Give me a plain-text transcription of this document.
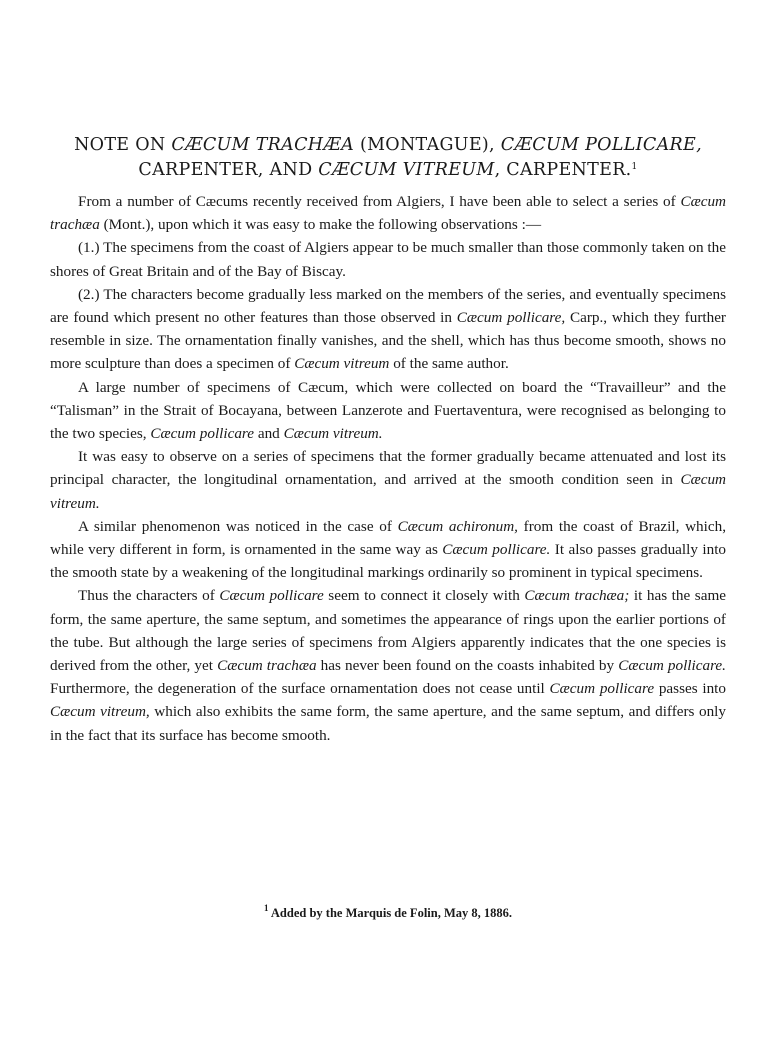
NOTE ON CÆCUM TRACHÆA (MONTAGUE), CÆCUM POLLICARE,
CARPENTER, AND CÆCUM VITREUM, CARPENTER.$^1$

From a number of Cæcums recently received from Algiers, I have been able to select a series of Cæcum trachæa (Mont.), upon which it was easy to make the following observations :—

(1.) The specimens from the coast of Algiers appear to be much smaller than those commonly taken on the shores of Great Britain and of the Bay of Biscay.

(2.) The characters become gradually less marked on the members of the series, and eventually specimens are found which present no other features than those observed in Cæcum pollicare, Carp., which they further resemble in size. The ornamentation finally vanishes, and the shell, which has thus become smooth, shows no more sculpture than does a specimen of Cæcum vitreum of the same author.

A large number of specimens of Cæcum, which were collected on board the “Travailleur” and the “Talisman” in the Strait of Bocayana, between Lanzerote and Fuertaventura, were recognised as belonging to the two species, Cæcum pollicare and Cæcum vitreum.

It was easy to observe on a series of specimens that the former gradually became attenuated and lost its principal character, the longitudinal ornamentation, and arrived at the smooth condition seen in Cæcum vitreum.

A similar phenomenon was noticed in the case of Cæcum achironum, from the coast of Brazil, which, while very different in form, is ornamented in the same way as Cæcum pollicare. It also passes gradually into the smooth state by a weakening of the longitudinal markings ordinarily so prominent in typical specimens.

Thus the characters of Cæcum pollicare seem to connect it closely with Cæcum trachæa; it has the same form, the same aperture, the same septum, and sometimes the appearance of rings upon the earlier portions of the tube. But although the large series of specimens from Algiers apparently indicates that the one species is derived from the other, yet Cæcum trachæa has never been found on the coasts inhabited by Cæcum pollicare. Furthermore, the degeneration of the surface ornamentation does not cease until Cæcum pollicare passes into Cæcum vitreum, which also exhibits the same form, the same aperture, and the same septum, and differs only in the fact that its surface has become smooth.

$^1$ Added by the Marquis de Folin, May 8, 1886.
